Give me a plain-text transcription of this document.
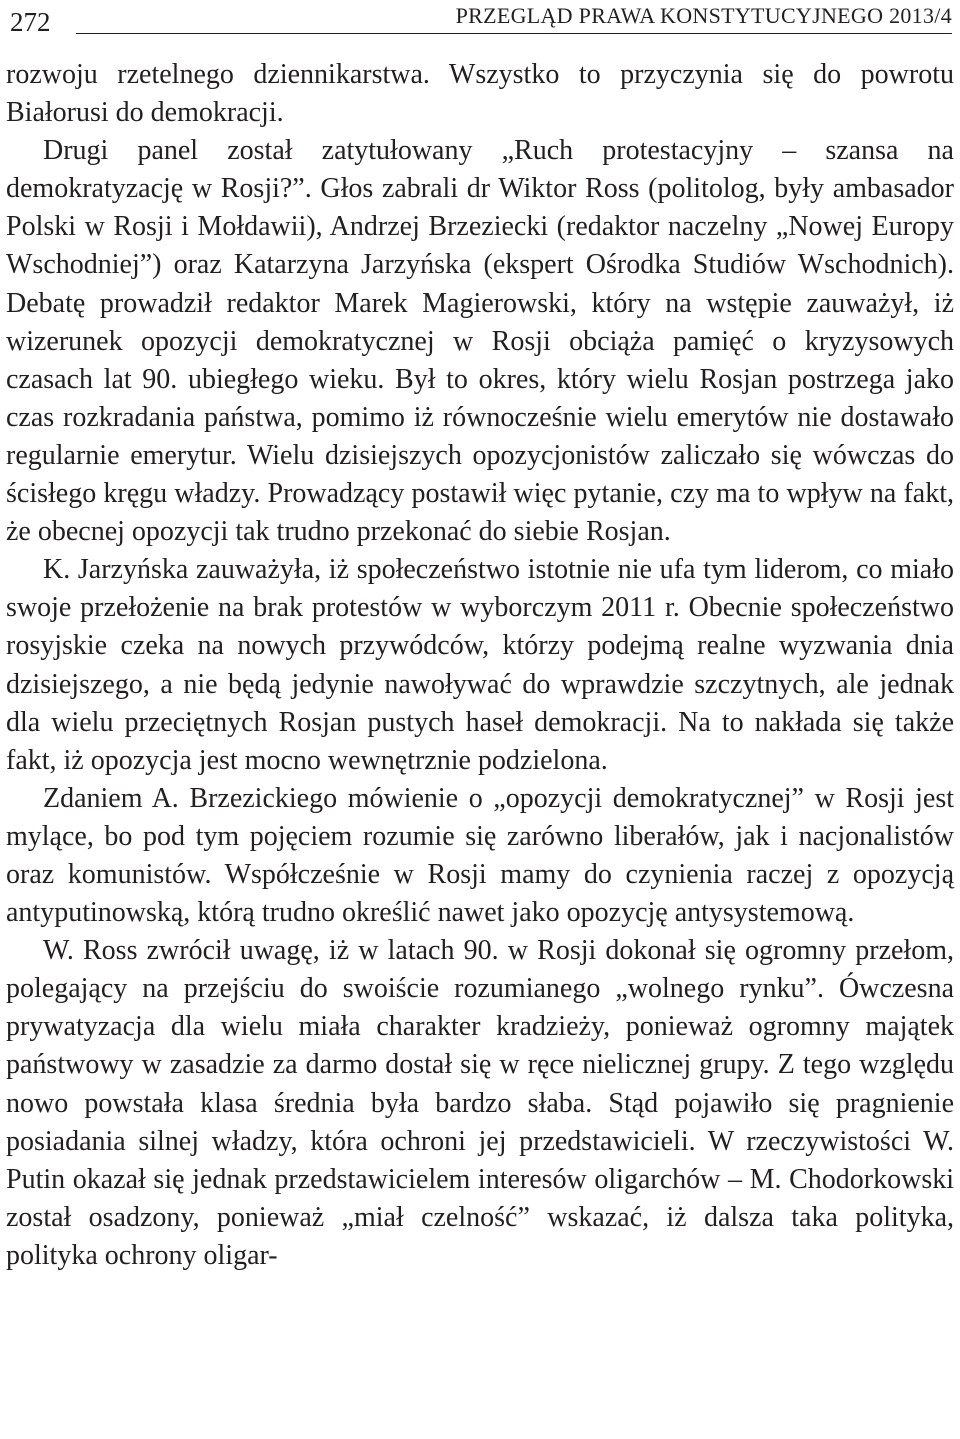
272	PRZEGLĄD PRAWA KONSTYTUCYJNEGO 2013/4

rozwoju rzetelnego dziennikarstwa. Wszystko to przyczynia się do powrotu Białorusi do demokracji.

Drugi panel został zatytułowany „Ruch protestacyjny – szansa na demokratyzację w Rosji?”. Głos zabrali dr Wiktor Ross (politolog, były ambasador Polski w Rosji i Mołdawii), Andrzej Brzeziecki (redaktor naczelny „Nowej Europy Wschodniej”) oraz Katarzyna Jarzyńska (ekspert Ośrodka Studiów Wschodnich). Debatę prowadził redaktor Marek Magierowski, który na wstępie zauważył, iż wizerunek opozycji demokratycznej w Rosji obciąża pamięć o kryzysowych czasach lat 90. ubiegłego wieku. Był to okres, który wielu Rosjan postrzega jako czas rozkradania państwa, pomimo iż równocześnie wielu emerytów nie dostawało regularnie emerytur. Wielu dzisiejszych opozycjonistów zaliczało się wówczas do ścisłego kręgu władzy. Prowadzący postawił więc pytanie, czy ma to wpływ na fakt, że obecnej opozycji tak trudno przekonać do siebie Rosjan.

K. Jarzyńska zauważyła, iż społeczeństwo istotnie nie ufa tym liderom, co miało swoje przełożenie na brak protestów w wyborczym 2011 r. Obecnie społeczeństwo rosyjskie czeka na nowych przywódców, którzy podejmą realne wyzwania dnia dzisiejszego, a nie będą jedynie nawoływać do wprawdzie szczytnych, ale jednak dla wielu przeciętnych Rosjan pustych haseł demokracji. Na to nakłada się także fakt, iż opozycja jest mocno wewnętrznie podzielona.

Zdaniem A. Brzezickiego mówienie o „opozycji demokratycznej” w Rosji jest mylące, bo pod tym pojęciem rozumie się zarówno liberałów, jak i nacjonalistów oraz komunistów. Współcześnie w Rosji mamy do czynienia raczej z opozycją antyputinowską, którą trudno określić nawet jako opozycję antysystemową.

W. Ross zwrócił uwagę, iż w latach 90. w Rosji dokonał się ogromny przełom, polegający na przejściu do swoiście rozumianego „wolnego rynku”. Ówczesna prywatyzacja dla wielu miała charakter kradzieży, ponieważ ogromny majątek państwowy w zasadzie za darmo dostał się w ręce nielicznej grupy. Z tego względu nowo powstała klasa średnia była bardzo słaba. Stąd pojawiło się pragnienie posiadania silnej władzy, która ochroni jej przedstawicieli. W rzeczywistości W. Putin okazał się jednak przedstawicielem interesów oligarchów – M. Chodorkowski został osadzony, ponieważ „miał czelność” wskazać, iż dalsza taka polityka, polityka ochrony oligar-
